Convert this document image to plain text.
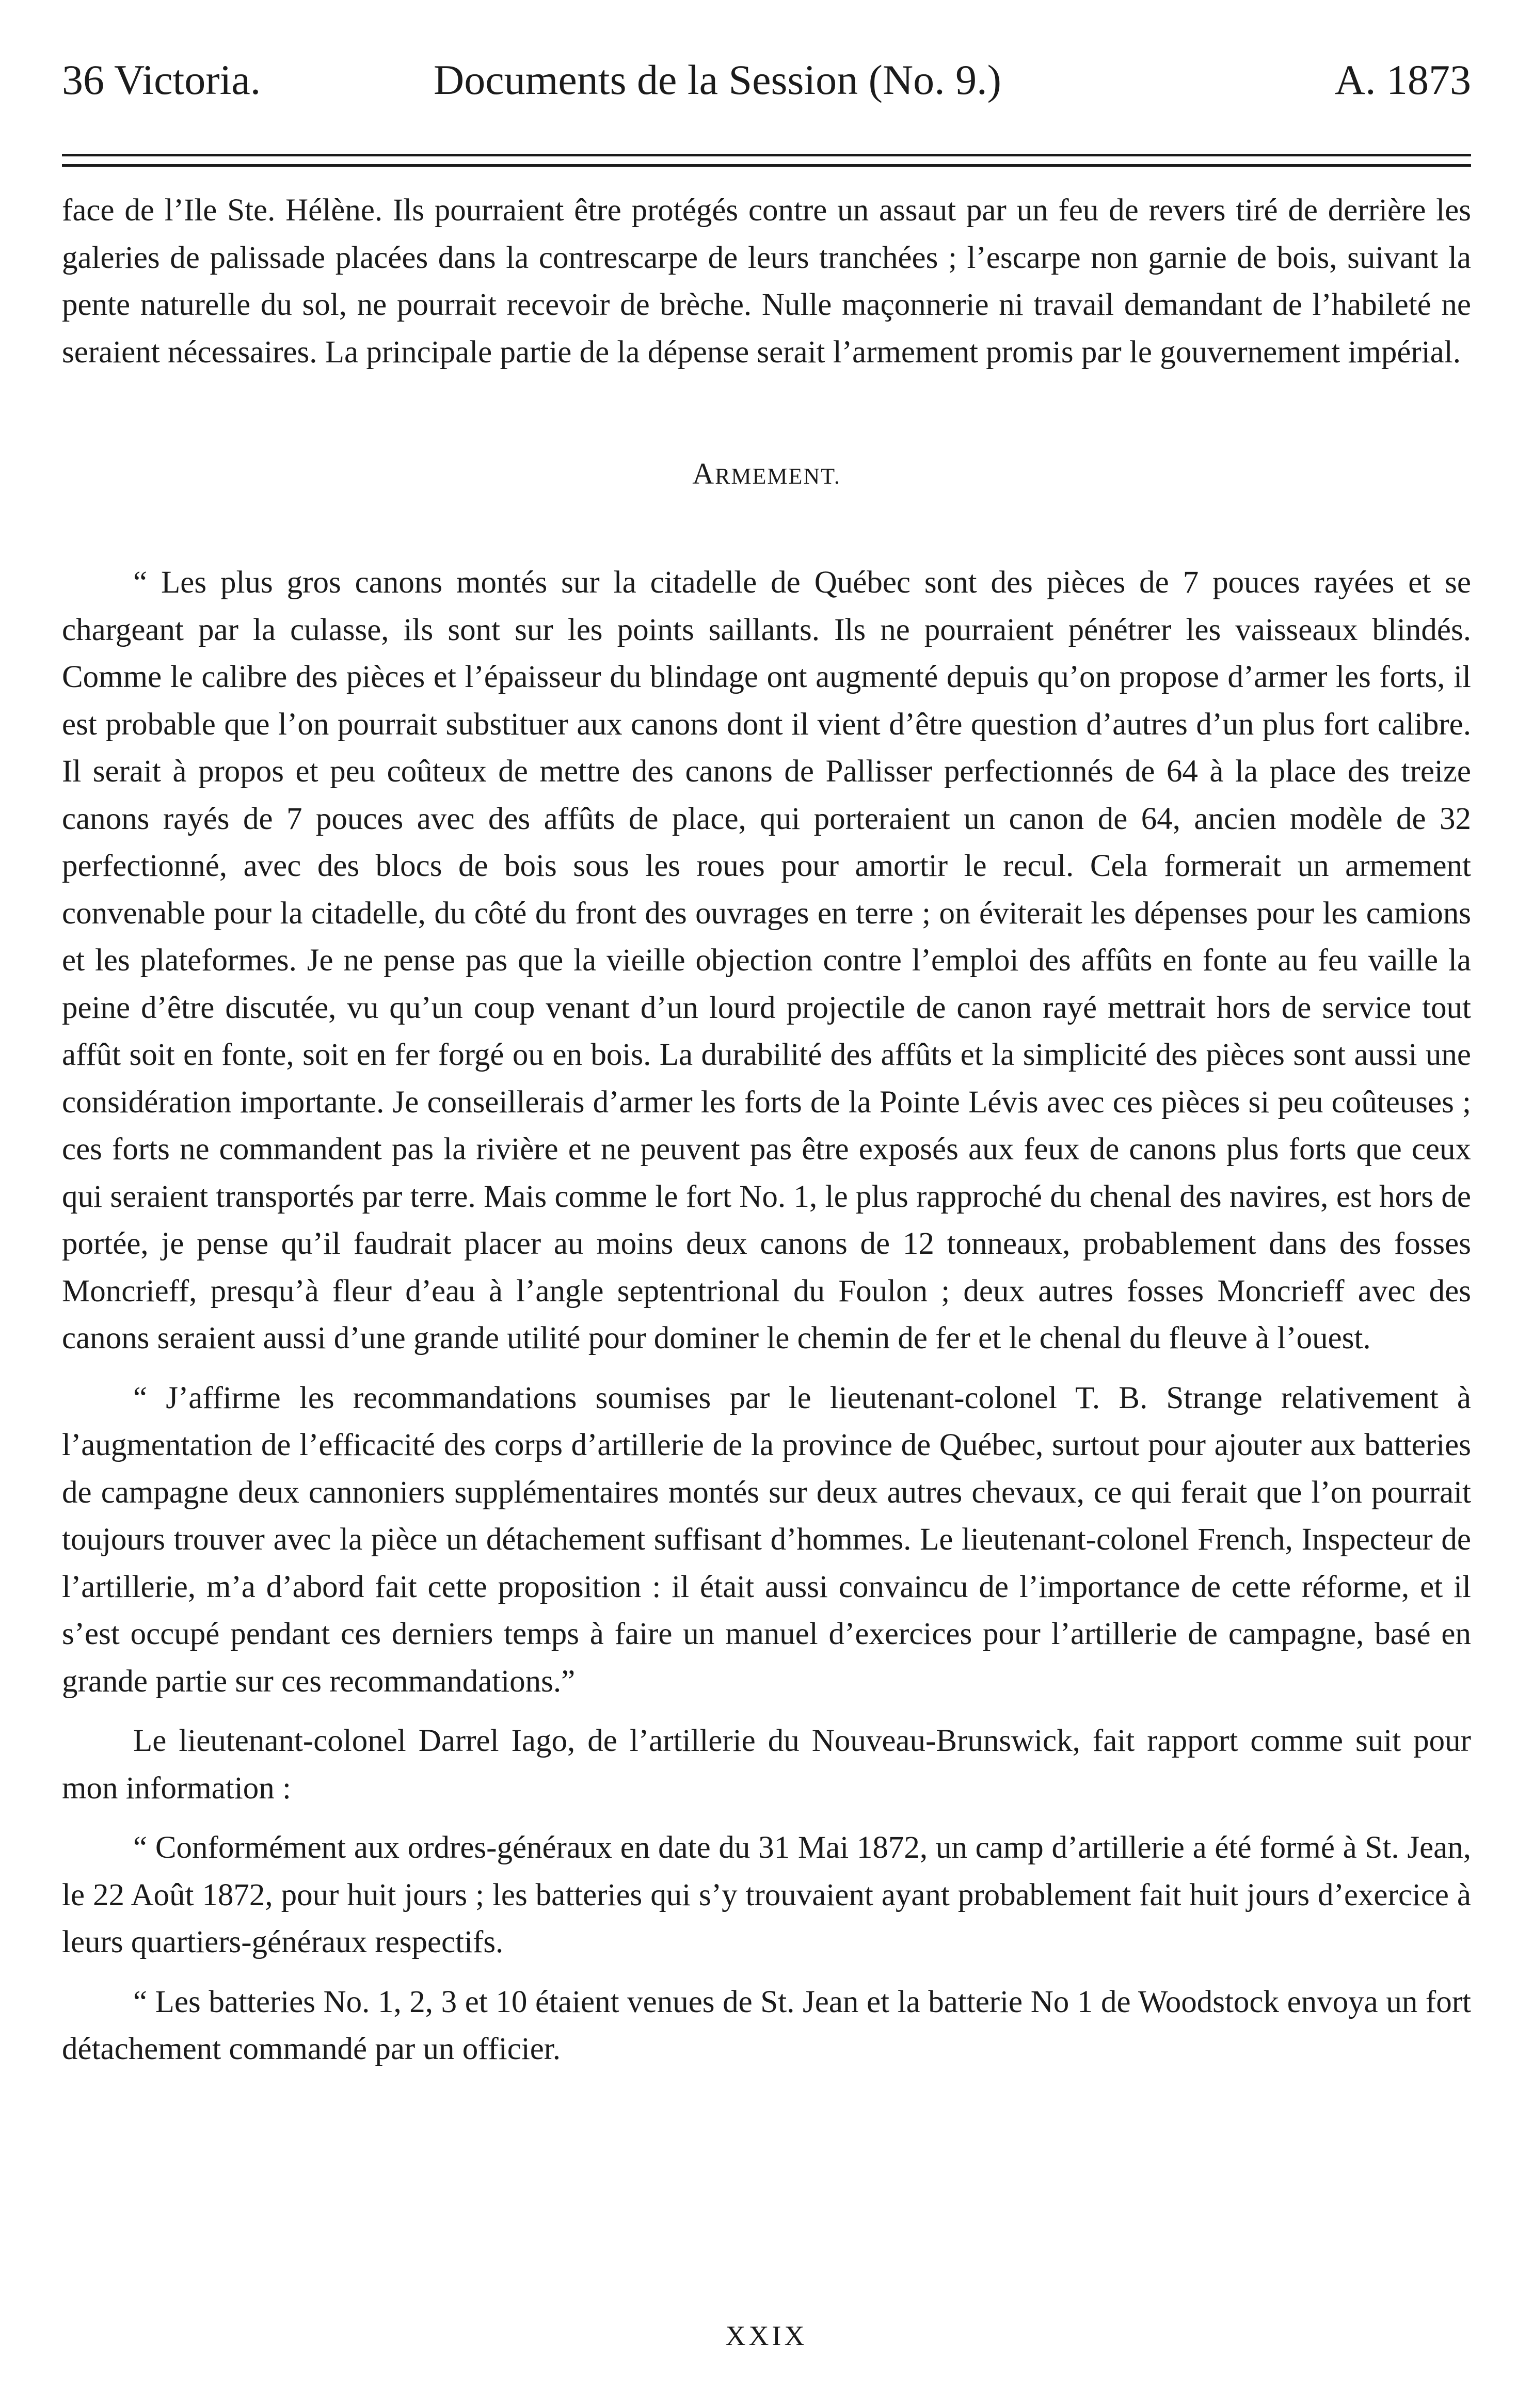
36 Victoria.	Documents de la Session (No. 9.)	A. 1873

face de l’Ile Ste. Hélène. Ils pourraient être protégés contre un assaut par un feu de revers tiré de derrière les galeries de palissade placées dans la contrescarpe de leurs tranchées ; l’escarpe non garnie de bois, suivant la pente naturelle du sol, ne pourrait recevoir de brèche. Nulle maçonnerie ni travail demandant de l’habileté ne seraient nécessaires. La principale partie de la dépense serait l’armement promis par le gouvernement impérial.

ARMEMENT.

“ Les plus gros canons montés sur la citadelle de Québec sont des pièces de 7 pouces rayées et se chargeant par la culasse, ils sont sur les points saillants. Ils ne pourraient pénétrer les vaisseaux blindés. Comme le calibre des pièces et l’épaisseur du blindage ont augmenté depuis qu’on propose d’armer les forts, il est probable que l’on pourrait substituer aux canons dont il vient d’être question d’autres d’un plus fort calibre. Il serait à propos et peu coûteux de mettre des canons de Pallisser perfectionnés de 64 à la place des treize canons rayés de 7 pouces avec des affûts de place, qui porteraient un canon de 64, ancien modèle de 32 perfectionné, avec des blocs de bois sous les roues pour amortir le recul. Cela formerait un armement convenable pour la citadelle, du côté du front des ouvrages en terre ; on éviterait les dépenses pour les camions et les plateformes. Je ne pense pas que la vieille objection contre l’emploi des affûts en fonte au feu vaille la peine d’être discutée, vu qu’un coup venant d’un lourd projectile de canon rayé mettrait hors de service tout affût soit en fonte, soit en fer forgé ou en bois. La durabilité des affûts et la simplicité des pièces sont aussi une considération importante. Je conseillerais d’armer les forts de la Pointe Lévis avec ces pièces si peu coûteuses ; ces forts ne commandent pas la rivière et ne peuvent pas être exposés aux feux de canons plus forts que ceux qui seraient transportés par terre. Mais comme le fort No. 1, le plus rapproché du chenal des navires, est hors de portée, je pense qu’il faudrait placer au moins deux canons de 12 tonneaux, probablement dans des fosses Moncrieff, presqu’à fleur d’eau à l’angle septentrional du Foulon ; deux autres fosses Moncrieff avec des canons seraient aussi d’une grande utilité pour dominer le chemin de fer et le chenal du fleuve à l’ouest.

“ J’affirme les recommandations soumises par le lieutenant-colonel T. B. Strange relativement à l’augmentation de l’efficacité des corps d’artillerie de la province de Québec, surtout pour ajouter aux batteries de campagne deux cannoniers supplémentaires montés sur deux autres chevaux, ce qui ferait que l’on pourrait toujours trouver avec la pièce un détachement suffisant d’hommes. Le lieutenant-colonel French, Inspecteur de l’artillerie, m’a d’abord fait cette proposition : il était aussi convaincu de l’importance de cette réforme, et il s’est occupé pendant ces derniers temps à faire un manuel d’exercices pour l’artillerie de campagne, basé en grande partie sur ces recommandations.”

Le lieutenant-colonel Darrel Iago, de l’artillerie du Nouveau-Brunswick, fait rapport comme suit pour mon information :

“ Conformément aux ordres-généraux en date du 31 Mai 1872, un camp d’artillerie a été formé à St. Jean, le 22 Août 1872, pour huit jours ; les batteries qui s’y trouvaient ayant probablement fait huit jours d’exercice à leurs quartiers-généraux respectifs.

“ Les batteries No. 1, 2, 3 et 10 étaient venues de St. Jean et la batterie No 1 de Woodstock envoya un fort détachement commandé par un officier.

XXIX
